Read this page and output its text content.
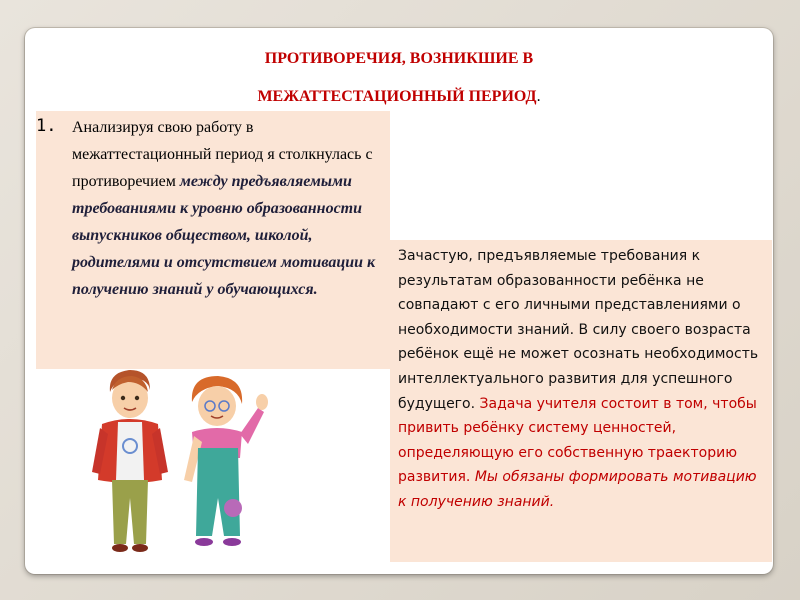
ПРОТИВОРЕЧИЯ, ВОЗНИКШИЕ В
МЕЖАТТЕСТАЦИОННЫЙ ПЕРИОД.
1. Анализируя свою работу в межаттестационный период я столкнулась с противоречием между предъявляемыми требованиями к уровню образованности выпускников обществом, школой, родителями и отсутствием мотивации к получению знаний у обучающихся.
Зачастую, предъявляемые требования к результатам образованности ребёнка не совпадают с его личными представлениями о необходимости знаний. В силу своего возраста ребёнок ещё не может осознать необходимость интеллектуального развития для успешного будущего. Задача учителя состоит в том, чтобы привить ребёнку систему ценностей, определяющую его собственную траекторию развития. Мы обязаны формировать мотивацию к получению знаний.
